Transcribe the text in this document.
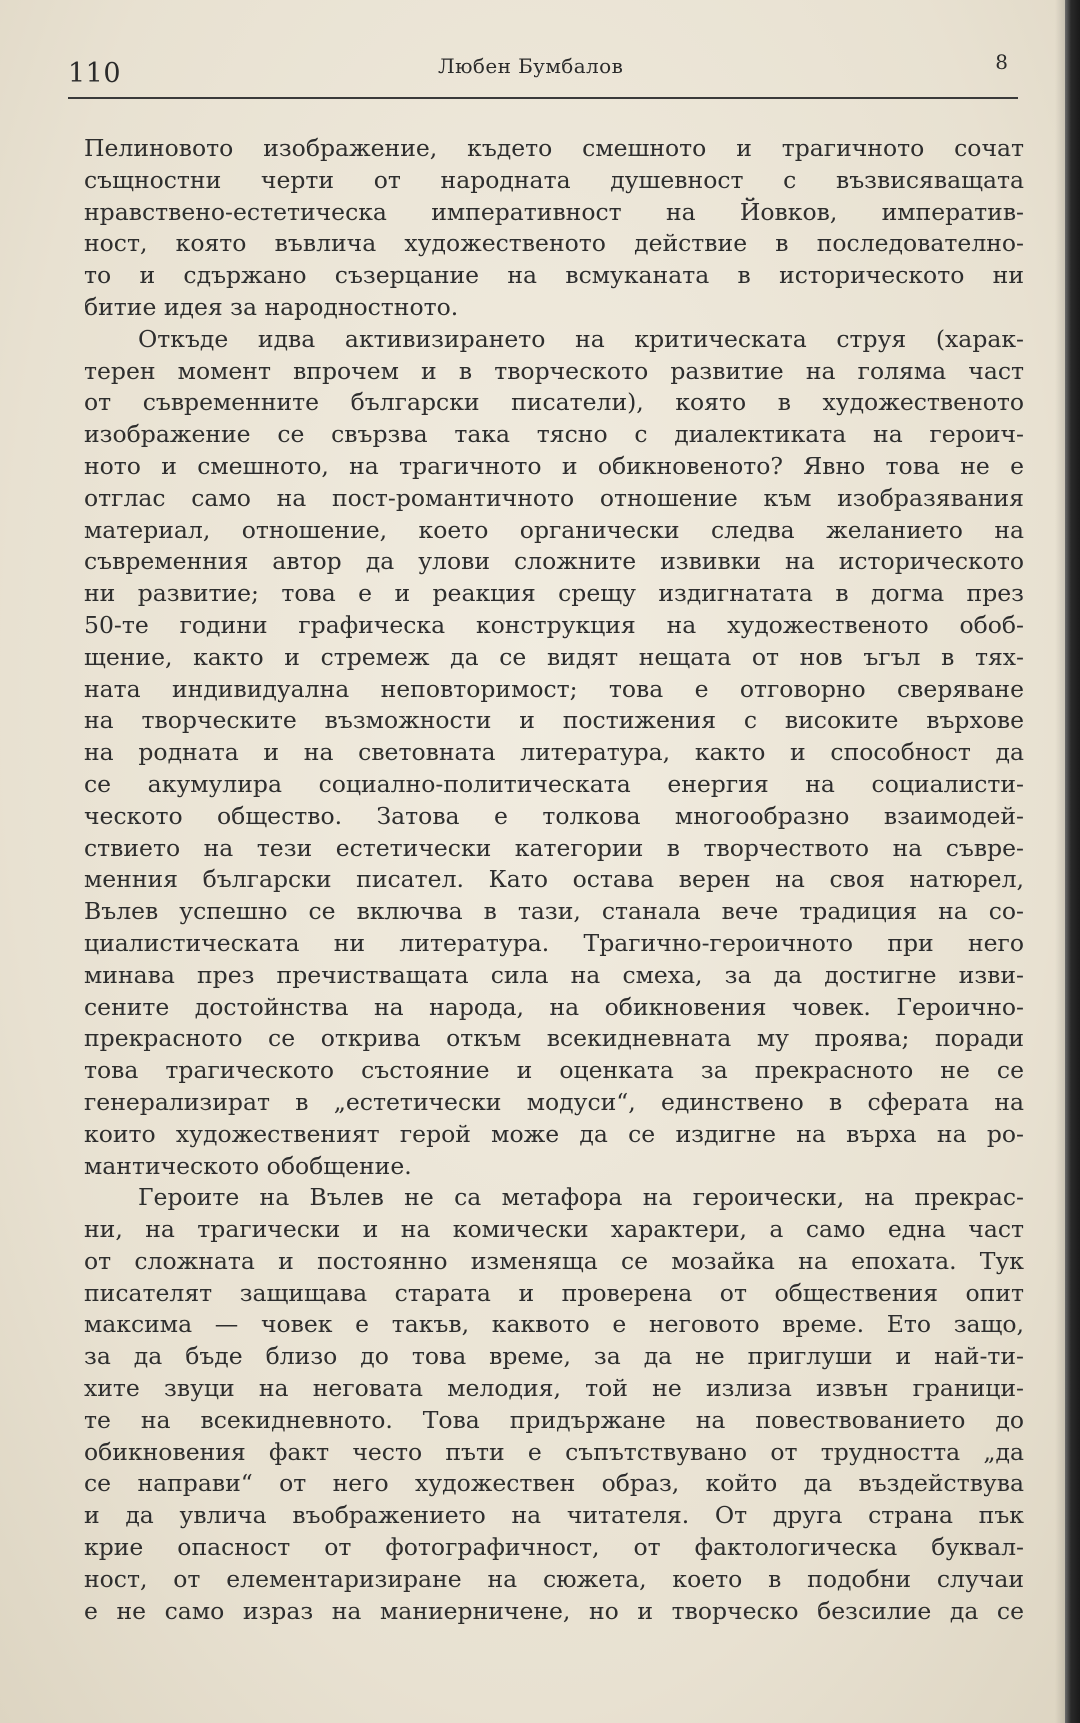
110	Любен Бумбалов	8
Пелиновото изображение, където смешното и трагичното сочат
същностни черти от народната душевност с възвисяващата
нравствено-естетическа императивност на Йовков, императив-
ност, която въвлича художественото действие в последователно-
то и сдържано съзерцание на всмуканата в историческото ни
битие идея за народностното.
Откъде идва активизирането на критическата струя (харак-
терен момент впрочем и в творческото развитие на голяма част
от съвременните български писатели), която в художественото
изображение се свързва така тясно с диалектиката на героич-
ното и смешното, на трагичното и обикновеното? Явно това не е
отглас само на пост-романтичното отношение към изобразявания
материал, отношение, което органически следва желанието на
съвременния автор да улови сложните извивки на историческото
ни развитие; това е и реакция срещу издигнатата в догма през
50-те години графическа конструкция на художественото обоб-
щение, както и стремеж да се видят нещата от нов ъгъл в тях-
ната индивидуална неповторимост; това е отговорно сверяване
на творческите възможности и постижения с високите върхове
на родната и на световната литература, както и способност да
се акумулира социално-политическата енергия на социалисти-
ческото общество. Затова е толкова многообразно взаимодей-
ствието на тези естетически категории в творчеството на съвре-
менния български писател. Като остава верен на своя натюрел,
Вълев успешно се включва в тази, станала вече традиция на со-
циалистическата ни литература. Трагично-героичното при него
минава през пречистващата сила на смеха, за да достигне изви-
сените достойнства на народа, на обикновения човек. Героично-
прекрасното се открива откъм всекидневната му проява; поради
това трагическото състояние и оценката за прекрасното не се
генерализират в „естетически модуси“, единствено в сферата на
които художественият герой може да се издигне на върха на ро-
мантическото обобщение.
Героите на Вълев не са метафора на героически, на прекрас-
ни, на трагически и на комически характери, а само една част
от сложната и постоянно изменяща се мозайка на епохата. Тук
писателят защищава старата и проверена от обществения опит
максима — човек е такъв, каквото е неговото време. Ето защо,
за да бъде близо до това време, за да не приглуши и най-ти-
хите звуци на неговата мелодия, той не излиза извън граници-
те на всекидневното. Това придържане на повествованието до
обикновения факт често пъти е съпътствувано от трудността „да
се направи“ от него художествен образ, който да въздействува
и да увлича въображението на читателя. От друга страна пък
крие опасност от фотографичност, от фактологическа буквал-
ност, от елементаризиране на сюжета, което в подобни случаи
е не само израз на маниерничене, но и творческо безсилие да се
